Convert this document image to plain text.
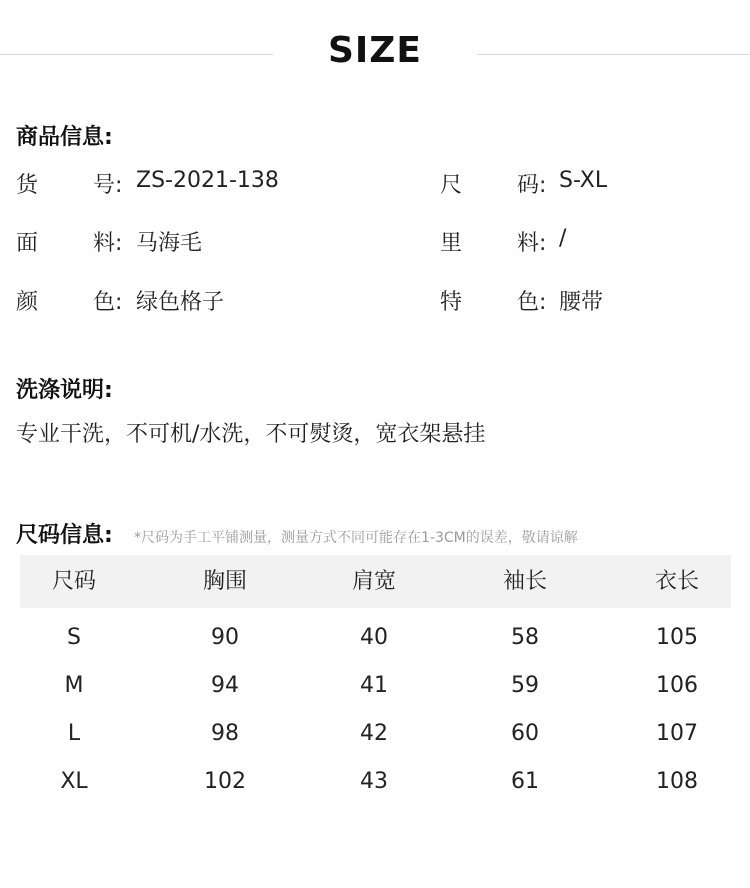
SIZE
商品信息:
货 号: ZS-2021-138	尺 码: S-XL
面 料: 马海毛	里 料: /
颜 色: 绿色格子	特 色: 腰带
洗涤说明:
专业干洗，不可机/水洗，不可熨烫，宽衣架悬挂
尺码信息: *尺码为手工平铺测量，测量方式不同可能存在1-3CM的误差，敬请谅解
尺码	胸围	肩宽	袖长	衣长
S	90	40	58	105
M	94	41	59	106
L	98	42	60	107
XL	102	43	61	108
